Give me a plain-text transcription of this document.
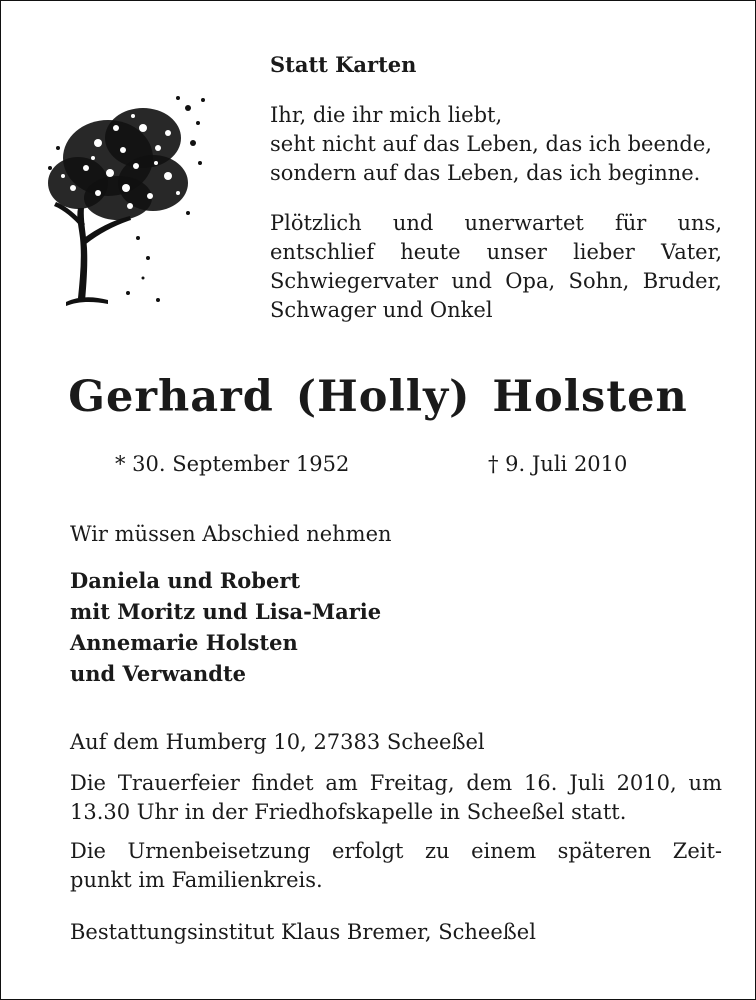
Statt Karten

Ihr, die ihr mich liebt,
seht nicht auf das Leben, das ich beende,
sondern auf das Leben, das ich beginne.
Plötzlich und unerwartet für uns,
entschlief heute unser lieber Vater,
Schwiegervater und Opa, Sohn, Bruder,
Schwager und Onkel
Gerhard (Holly) Holsten
* 30. September 1952	† 9. Juli 2010
Wir müssen Abschied nehmen
Daniela und Robert
mit Moritz und Lisa-Marie
Annemarie Holsten
und Verwandte
Auf dem Humberg 10, 27383 Scheeßel
Die Trauerfeier findet am Freitag, dem 16. Juli 2010, um
13.30 Uhr in der Friedhofskapelle in Scheeßel statt.
Die Urnenbeisetzung erfolgt zu einem späteren Zeit-
punkt im Familienkreis.
Bestattungsinstitut Klaus Bremer, Scheeßel
